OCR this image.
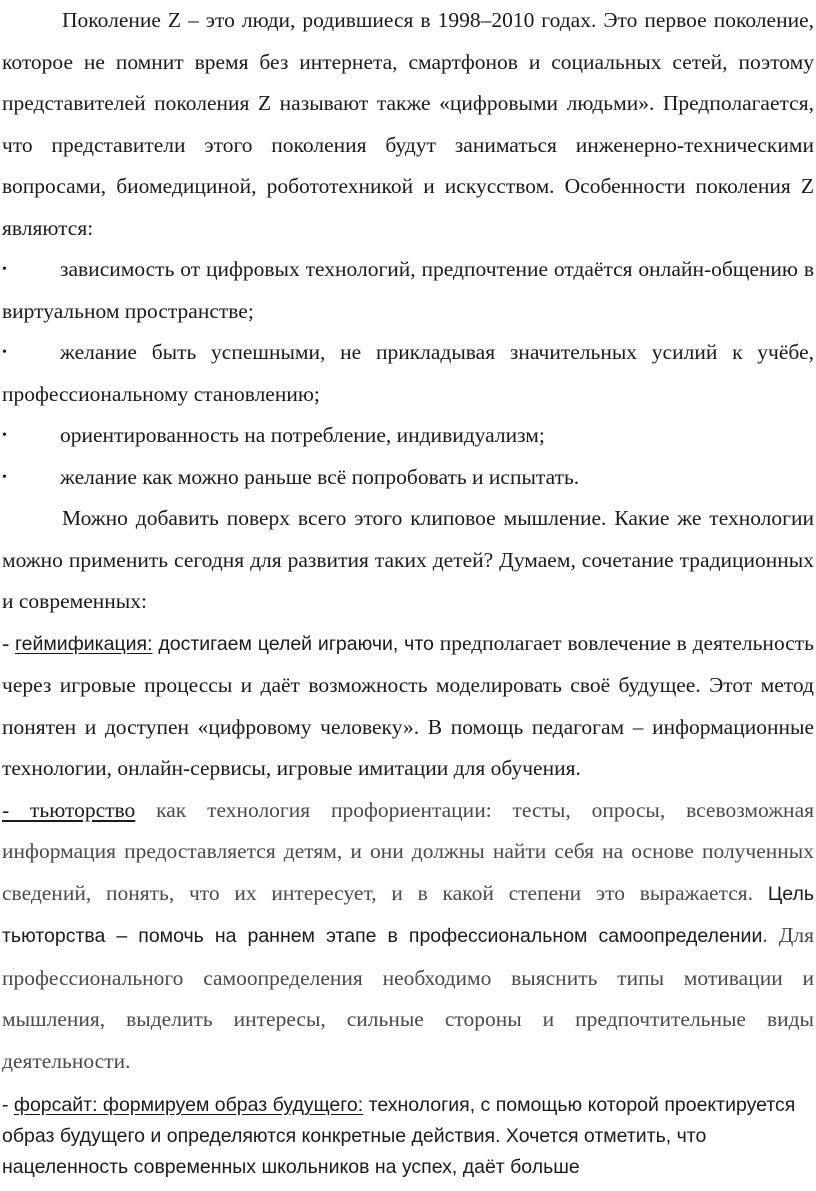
Поколение Z – это люди, родившиеся в 1998–2010 годах. Это первое поколение, которое не помнит время без интернета, смартфонов и социальных сетей, поэтому представителей поколения Z называют также «цифровыми людьми». Предполагается, что представители этого поколения будут заниматься инженерно-техническими вопросами, биомедициной, робототехникой и искусством. Особенности поколения Z являются:

• зависимость от цифровых технологий, предпочтение отдаётся онлайн-общению в виртуальном пространстве;
• желание быть успешными, не прикладывая значительных усилий к учёбе, профессиональному становлению;
• ориентированность на потребление, индивидуализм;
• желание как можно раньше всё попробовать и испытать.

Можно добавить поверх всего этого клиповое мышление. Какие же технологии можно применить сегодня для развития таких детей? Думаем, сочетание традиционных и современных:

- геймификация: достигаем целей играючи, что предполагает вовлечение в деятельность через игровые процессы и даёт возможность моделировать своё будущее. Этот метод понятен и доступен «цифровому человеку». В помощь педагогам – информационные технологии, онлайн-сервисы, игровые имитации для обучения.

- тьюторство как технология профориентации: тесты, опросы, всевозможная информация предоставляется детям, и они должны найти себя на основе полученных сведений, понять, что их интересует, и в какой степени это выражается. Цель тьюторства – помочь на раннем этапе в профессиональном самоопределении. Для профессионального самоопределения необходимо выяснить типы мотивации и мышления, выделить интересы, сильные стороны и предпочтительные виды деятельности.

- форсайт: формируем образ будущего: технология, с помощью которой проектируется образ будущего и определяются конкретные действия. Хочется отметить, что нацеленность современных школьников на успех, даёт больше
